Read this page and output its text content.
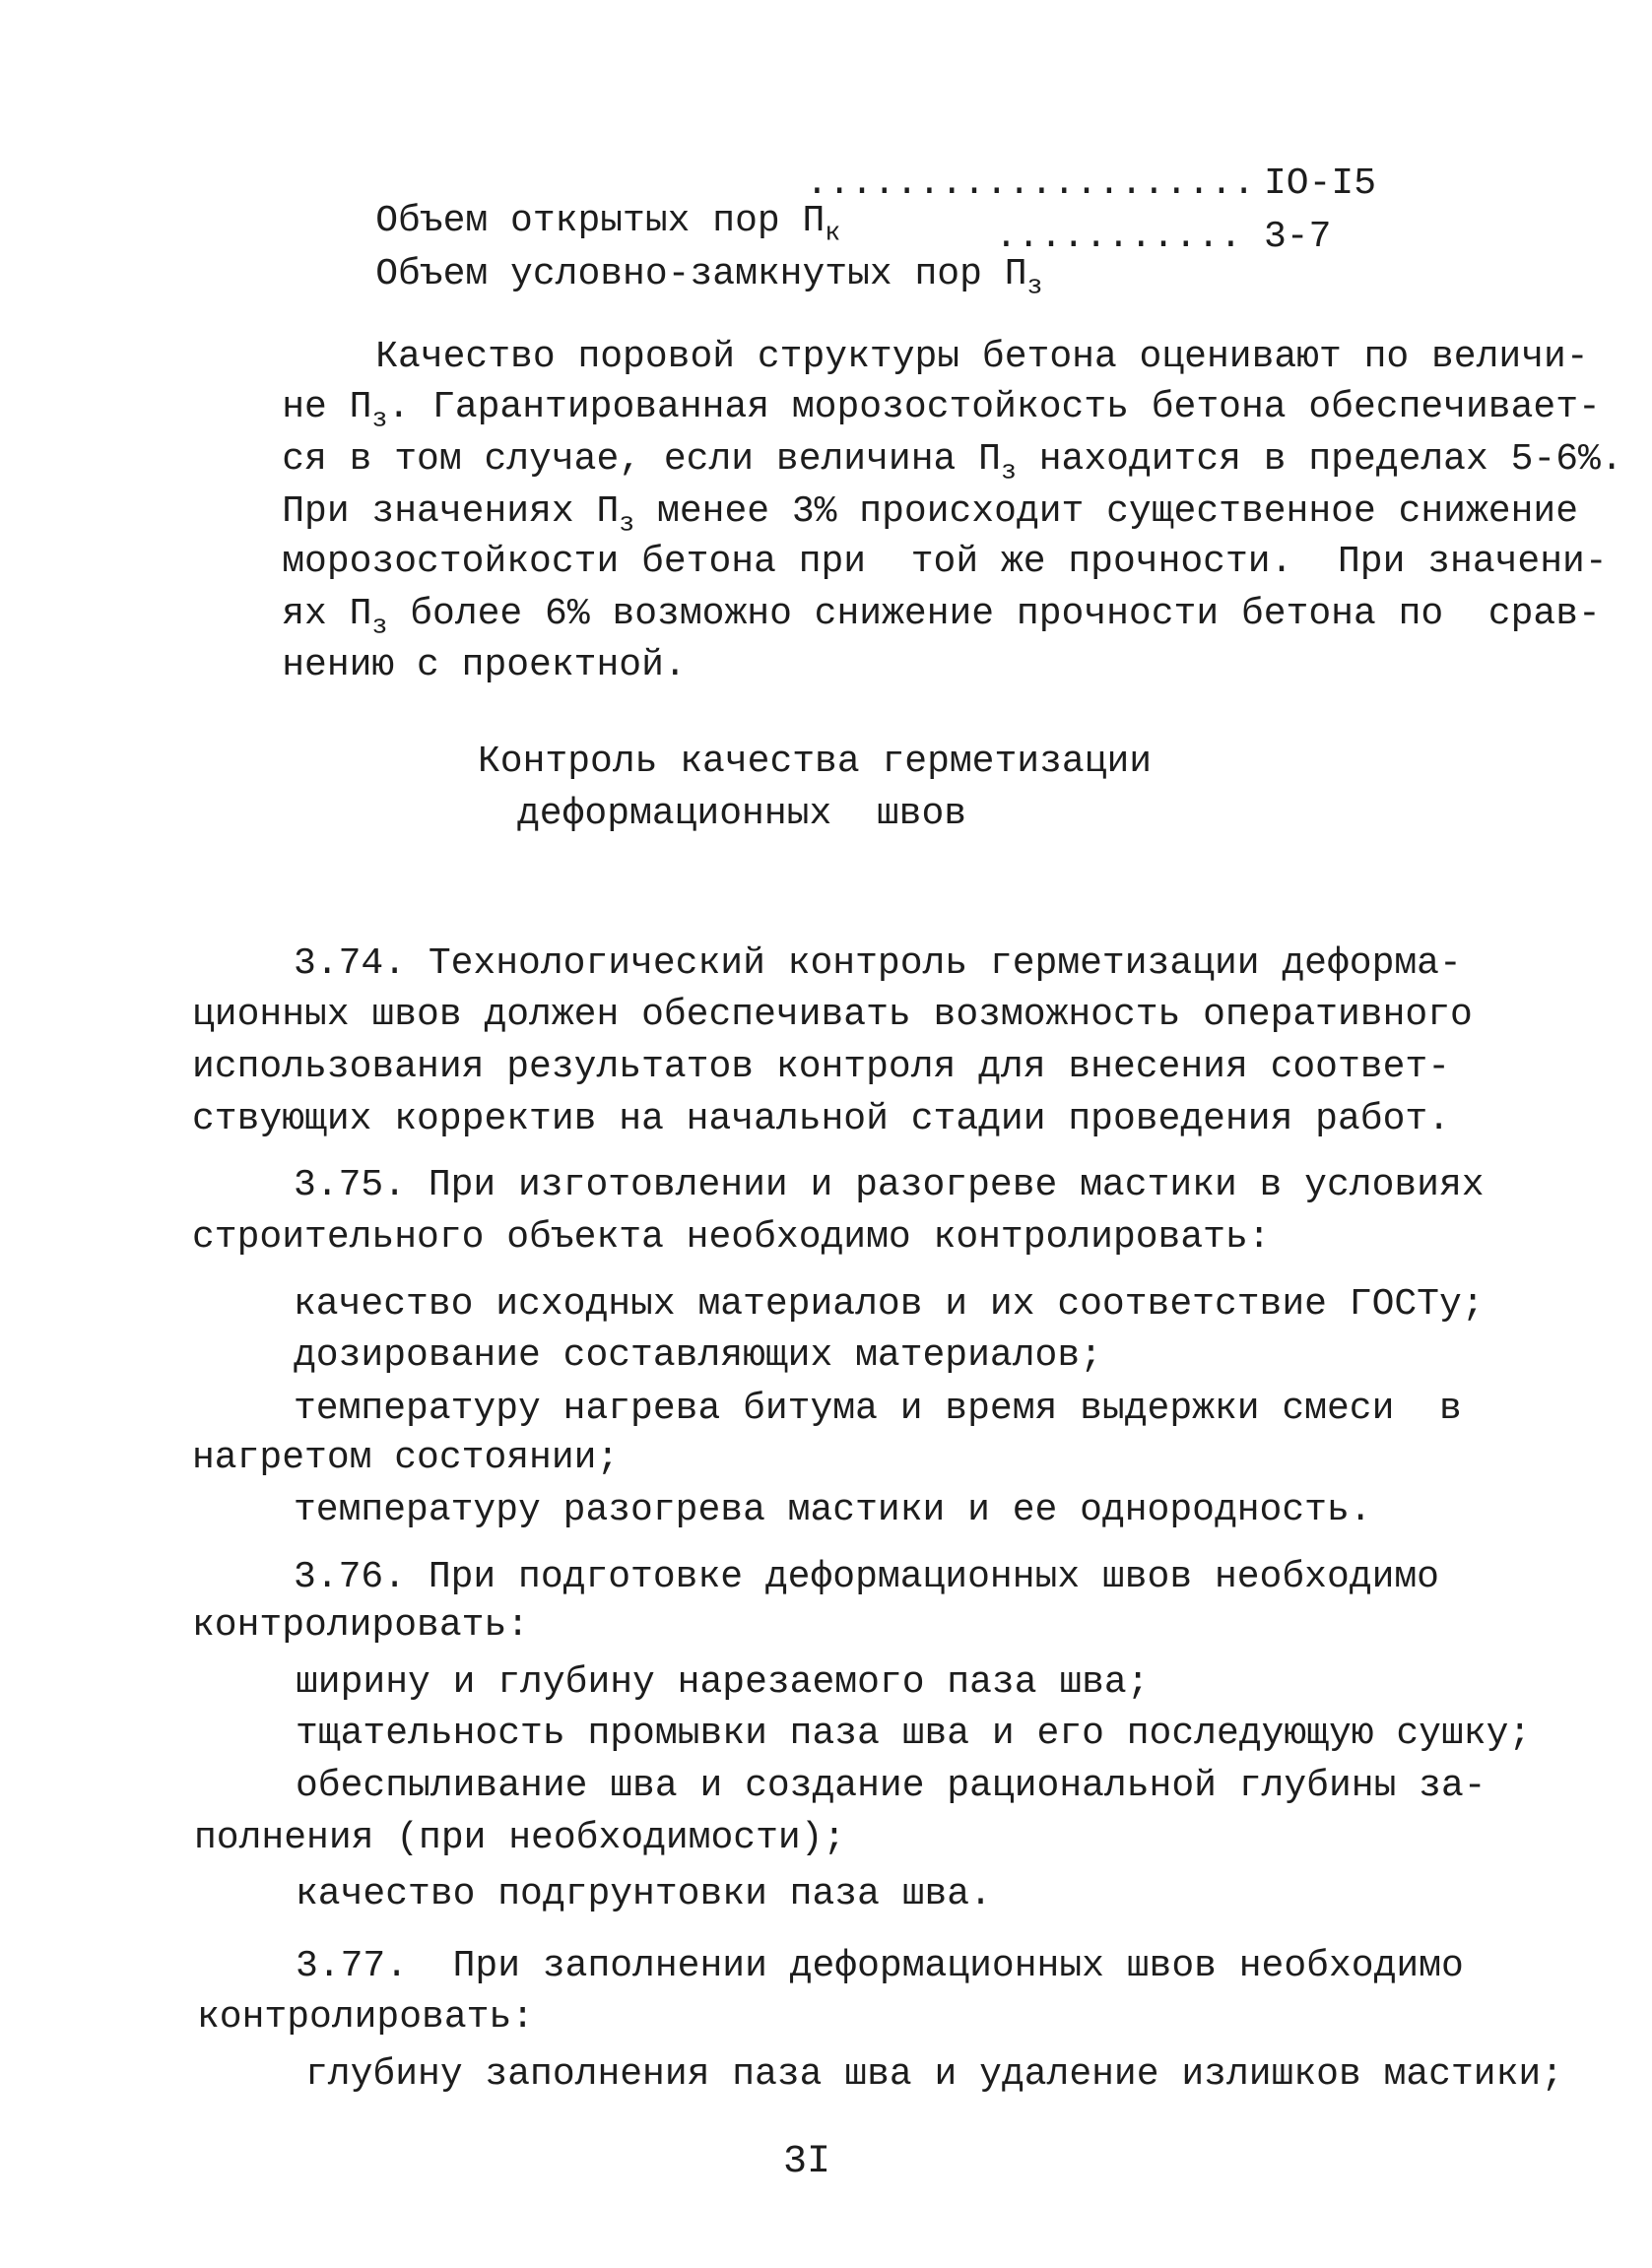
Объем открытых пор $П_к$

.................... IO-I5

Объем условно-замкнутых пор $П_з$

........... 3-7

Качество поровой структуры бетона оценивают по величи-

не $П_з$. Гарантированная морозостойкость бетона обеспечивает-

ся в том случае, если величина $П_з$ находится в пределах 5-6%.

При значениях $П_з$ менее 3% происходит существенное снижение

морозостойкости бетона при  той же прочности.  При значени-

ях $П_з$ более 6% возможно снижение прочности бетона по  срав-

нению с проектной.

Контроль качества герметизации
деформационных  швов
3.74. Технологический контроль герметизации деформа-
ционных швов должен обеспечивать возможность оперативного
использования результатов контроля для внесения соответ-
ствующих корректив на начальной стадии проведения работ.
3.75. При изготовлении и разогреве мастики в условиях
строительного объекта необходимо контролировать:
качество исходных материалов и их соответствие ГОСТу;
дозирование составляющих материалов;
температуру нагрева битума и время выдержки смеси  в
нагретом состоянии;
температуру разогрева мастики и ее однородность.
3.76. При подготовке деформационных швов необходимо
контролировать:
ширину и глубину нарезаемого паза шва;
тщательность промывки паза шва и его последующую сушку;
обеспыливание шва и создание рациональной глубины за-
полнения (при необходимости);
качество подгрунтовки паза шва.
3.77.  При заполнении деформационных швов необходимо
контролировать:
глубину заполнения паза шва и удаление излишков мастики;
3I
